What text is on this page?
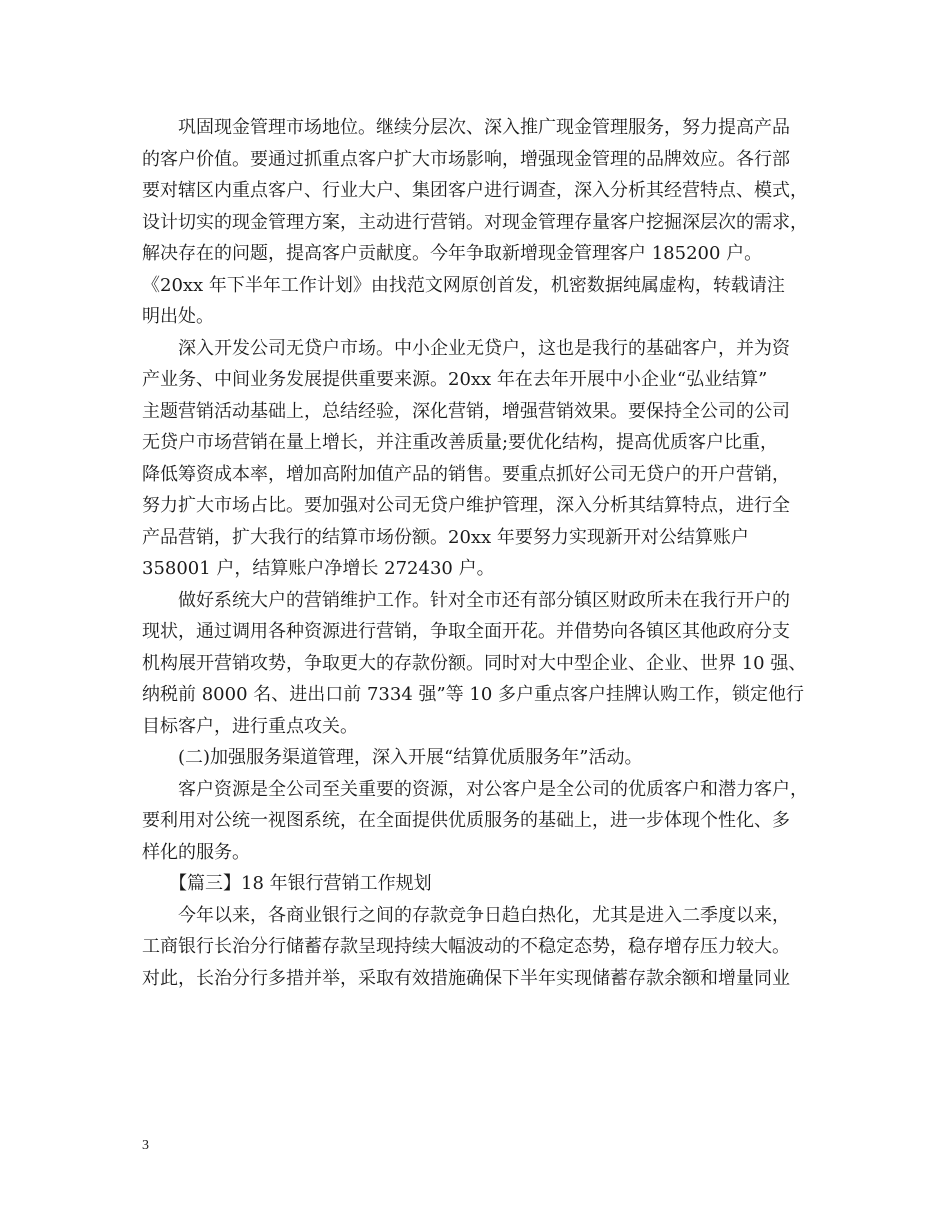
　　巩固现金管理市场地位。继续分层次、深入推广现金管理服务，努力提高产品
的客户价值。要通过抓重点客户扩大市场影响，增强现金管理的品牌效应。各行部
要对辖区内重点客户、行业大户、集团客户进行调查，深入分析其经营特点、模式，
设计切实的现金管理方案，主动进行营销。对现金管理存量客户挖掘深层次的需求，
解决存在的问题，提高客户贡献度。今年争取新增现金管理客户 185200 户。
《20xx 年下半年工作计划》由找范文网原创首发，机密数据纯属虚构，转载请注
明出处。

　　深入开发公司无贷户市场。中小企业无贷户，这也是我行的基础客户，并为资
产业务、中间业务发展提供重要来源。20xx 年在去年开展中小企业“弘业结算”
主题营销活动基础上，总结经验，深化营销，增强营销效果。要保持全公司的公司
无贷户市场营销在量上增长，并注重改善质量;要优化结构，提高优质客户比重，
降低筹资成本率，增加高附加值产品的销售。要重点抓好公司无贷户的开户营销，
努力扩大市场占比。要加强对公司无贷户维护管理，深入分析其结算特点，进行全
产品营销，扩大我行的结算市场份额。20xx 年要努力实现新开对公结算账户
358001 户，结算账户净增长 272430 户。

　　做好系统大户的营销维护工作。针对全市还有部分镇区财政所未在我行开户的
现状，通过调用各种资源进行营销，争取全面开花。并借势向各镇区其他政府分支
机构展开营销攻势，争取更大的存款份额。同时对大中型企业、企业、世界 10 强、
纳税前 8000 名、进出口前 7334 强”等 10 多户重点客户挂牌认购工作，锁定他行
目标客户，进行重点攻关。

　　(二)加强服务渠道管理，深入开展“结算优质服务年”活动。

　　客户资源是全公司至关重要的资源，对公客户是全公司的优质客户和潜力客户，
要利用对公统一视图系统，在全面提供优质服务的基础上，进一步体现个性化、多
样化的服务。

　　【篇三】18 年银行营销工作规划

　　今年以来，各商业银行之间的存款竞争日趋白热化，尤其是进入二季度以来，
工商银行长治分行储蓄存款呈现持续大幅波动的不稳定态势，稳存增存压力较大。
对此，长治分行多措并举，采取有效措施确保下半年实现储蓄存款余额和增量同业

3
